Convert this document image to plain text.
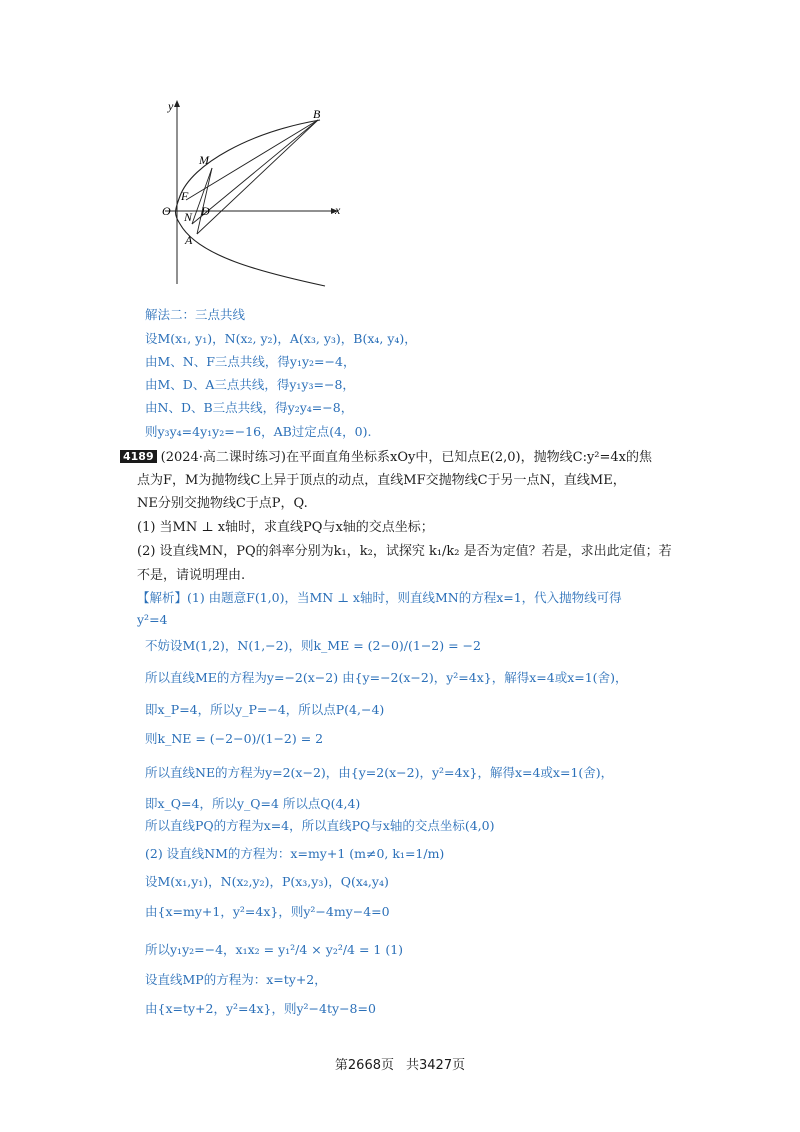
y
x
O
B
M
F
N D
A
解法二：三点共线
设M(x₁, y₁)，N(x₂, y₂)，A(x₃, y₃)，B(x₄, y₄)，
由M、N、F三点共线，得y₁y₂=−4，
由M、D、A三点共线，得y₁y₃=−8，
由N、D、B三点共线，得y₂y₄=−8，
则y₃y₄=4y₁y₂=−16，AB过定点(4，0).
4189 (2024·高二课时练习)在平面直角坐标系xOy中，已知点E(2,0)，抛物线C:y²=4x的焦
点为F，M为抛物线C上异于顶点的动点，直线MF交抛物线C于另一点N，直线ME，
NE分别交抛物线C于点P，Q.
(1) 当MN ⊥ x轴时，求直线PQ与x轴的交点坐标；
(2) 设直线MN，PQ的斜率分别为k₁，k₂，试探究 k₁/k₂ 是否为定值？若是，求出此定值；若
不是，请说明理由.
【解析】(1) 由题意F(1,0)，当MN ⊥ x轴时，则直线MN的方程x=1，代入抛物线可得
y²=4
不妨设M(1,2)，N(1,−2)，则k_ME = (2−0)/(1−2) = −2
所以直线ME的方程为y=−2(x−2) 由{y=−2(x−2)，y²=4x}，解得x=4或x=1(舍)，
即x_P=4，所以y_P=−4，所以点P(4,−4)
则k_NE = (−2−0)/(1−2) = 2
所以直线NE的方程为y=2(x−2)，由{y=2(x−2)，y²=4x}，解得x=4或x=1(舍)，
即x_Q=4，所以y_Q=4 所以点Q(4,4)
所以直线PQ的方程为x=4，所以直线PQ与x轴的交点坐标(4,0)
(2) 设直线NM的方程为：x=my+1 (m≠0, k₁=1/m)
设M(x₁,y₁)，N(x₂,y₂)，P(x₃,y₃)，Q(x₄,y₄)
由{x=my+1，y²=4x}，则y²−4my−4=0
所以y₁y₂=−4，x₁x₂ = y₁²/4 × y₂²/4 = 1 (1)
设直线MP的方程为：x=ty+2，
由{x=ty+2，y²=4x}，则y²−4ty−8=0
第2668页 共3427页
